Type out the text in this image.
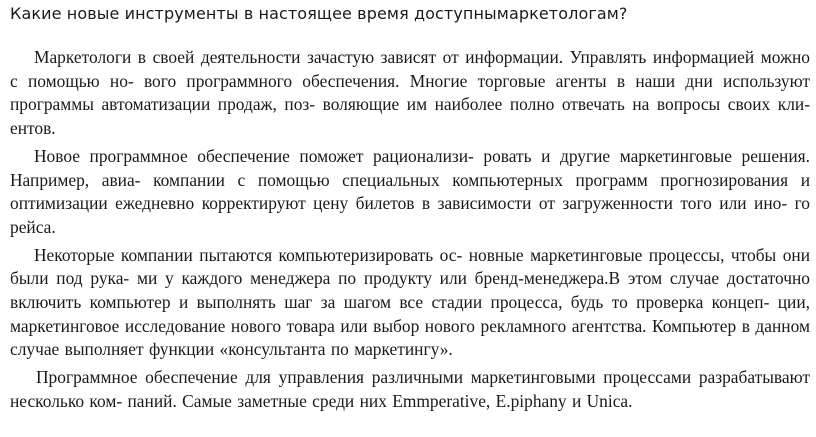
Какие новые инструменты в настоящее время доступнымаркетологам?

Маркетологи в своей деятельности зачастую зависят от информации. Управлять информацией можно с помощью но- вого программного обеспечения. Многие торговые агенты в наши дни используют программы автоматизации продаж, поз- воляющие им наиболее полно отвечать на вопросы своих кли- ентов.

Новое программное обеспечение поможет рационализи- ровать и другие маркетинговые решения. Например, авиа- компании с помощью специальных компьютерных программ прогнозирования и оптимизации ежедневно корректируют цену билетов в зависимости от загруженности того или ино- го рейса.

Некоторые компании пытаются компьютеризировать ос- новные маркетинговые процессы, чтобы они были под рука- ми у каждого менеджера по продукту или бренд-менеджера.В этом случае достаточно включить компьютер и выполнять шаг за шагом все стадии процесса, будь то проверка концеп- ции, маркетинговое исследование нового товара или выбор нового рекламного агентства. Компьютер в данном случае выполняет функции «консультанта по маркетингу».

Программное обеспечение для управления различными маркетинговыми процессами разрабатывают несколько ком- паний. Самые заметные среди них Emmperative, E.piphany и Unica.
